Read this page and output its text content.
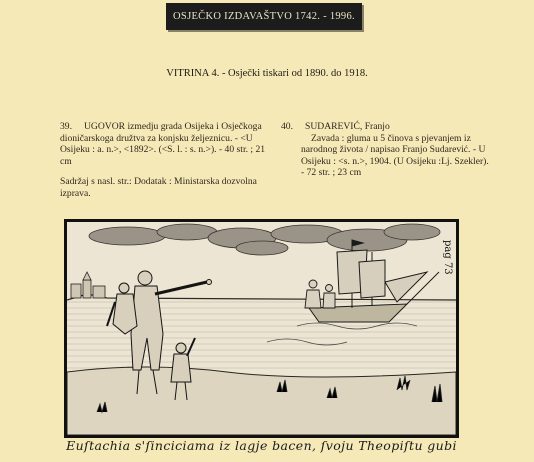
OSJEČKO IZDAVAŠTVO 1742. - 1996.
VITRINA 4. - Osječki tiskari od 1890. do 1918.

39. UGOVOR izmedju grada Osijeka i Osječkoga dioničarskoga družtva za konjsku željeznicu. - <U Osijeku : a. n.>, <1892>. (<S. l. : s. n.>). - 40 str. ; 21 cm

Sadržaj s nasl. str.: Dodatak : Ministarska dozvolna izprava.

40. SUDAREVIĆ, Franjo

Zavada : gluma u 5 činova s pjevanjem iz narodnog života / napisao Franjo Sudarević. - U Osijeku : <s. n.>, 1904. (U Osijeku :Lj. Szekler). - 72 str. ; 23 cm

pag 73
Euſtachia s'ſinciciama iz lagje bacen, ſvoju Theopiſtu gubi
